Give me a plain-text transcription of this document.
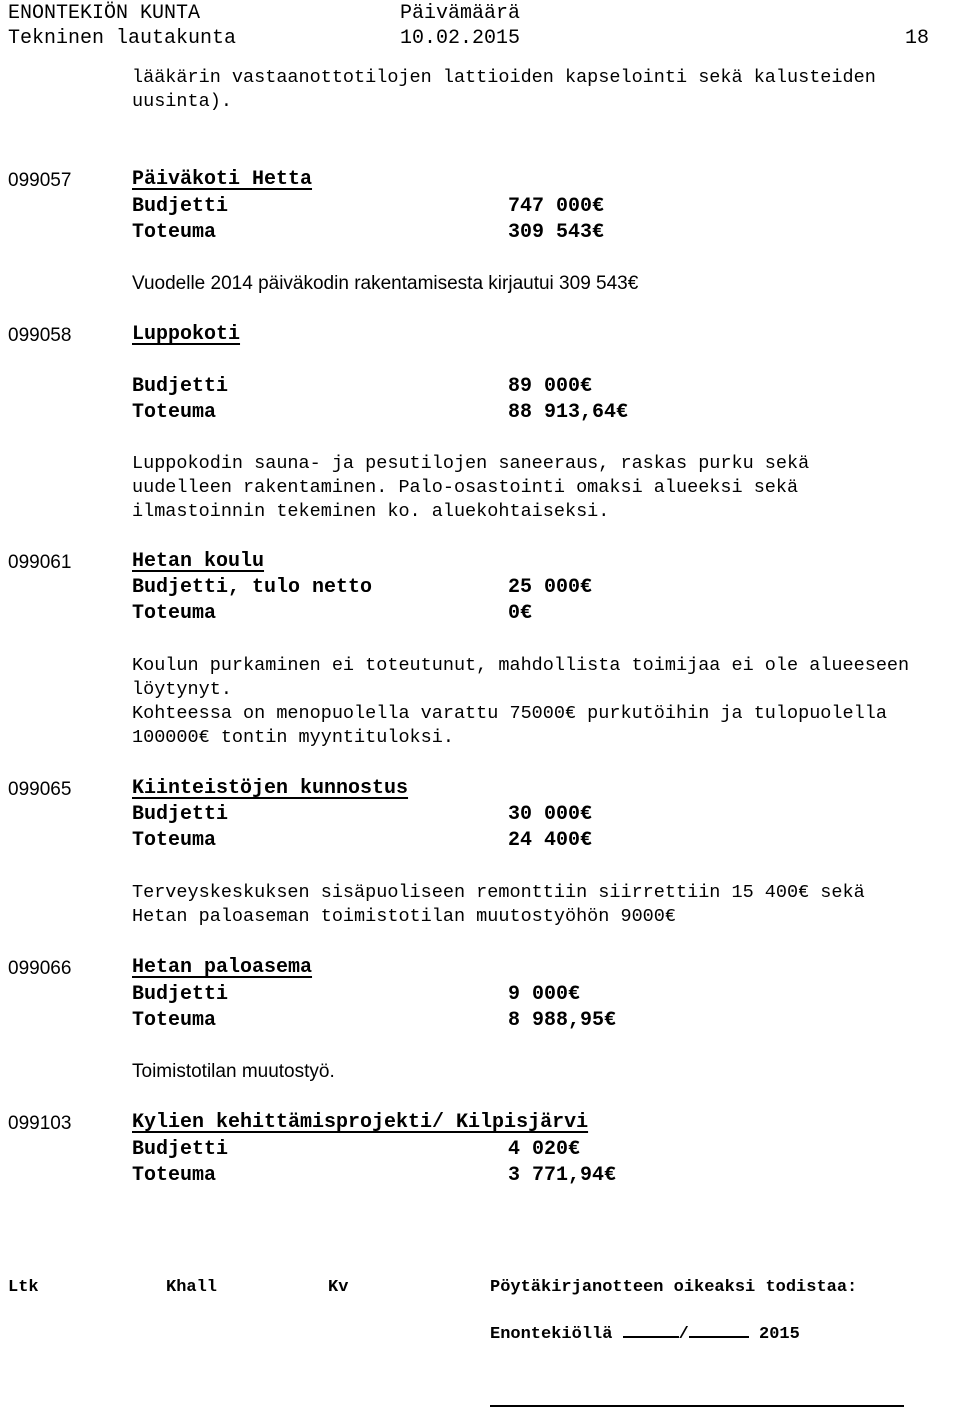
ENONTEKIÖN KUNTA	Päivämäärä
Tekninen lautakunta	10.02.2015	18
lääkärin vastaanottotilojen lattioiden kapselointi sekä kalusteiden uusinta).
099057	Päiväkoti Hetta
Budjetti	747 000€
Toteuma	309 543€
Vuodelle 2014 päiväkodin rakentamisesta kirjautui 309 543€
099058	Luppokoti
Budjetti	89 000€
Toteuma	88 913,64€
Luppokodin sauna- ja pesutilojen saneeraus, raskas purku sekä uudelleen rakentaminen. Palo-osastointi omaksi alueeksi sekä ilmastoinnin tekeminen ko. aluekohtaiseksi.
099061	Hetan koulu
Budjetti, tulo netto	25 000€
Toteuma	0€
Koulun purkaminen ei toteutunut, mahdollista toimijaa ei ole alueeseen löytynyt.
Kohteessa on menopuolella varattu 75000€ purkutöihin ja tulopuolella 100000€ tontin myyntituloksi.
099065	Kiinteistöjen kunnostus
Budjetti	30 000€
Toteuma	24 400€
Terveyskeskuksen sisäpuoliseen remonttiin siirrettiin 15 400€ sekä Hetan paloaseman toimistotilan muutostyöhön 9000€
099066	Hetan paloasema
Budjetti	9 000€
Toteuma	8 988,95€
Toimistotilan muutostyö.
099103	Kylien kehittämisprojekti/ Kilpisjärvi
Budjetti	4 020€
Toteuma	3 771,94€
Ltk	Khall	Kv	Pöytäkirjanotteen oikeaksi todistaa:
Enontekiöllä	/	2015
